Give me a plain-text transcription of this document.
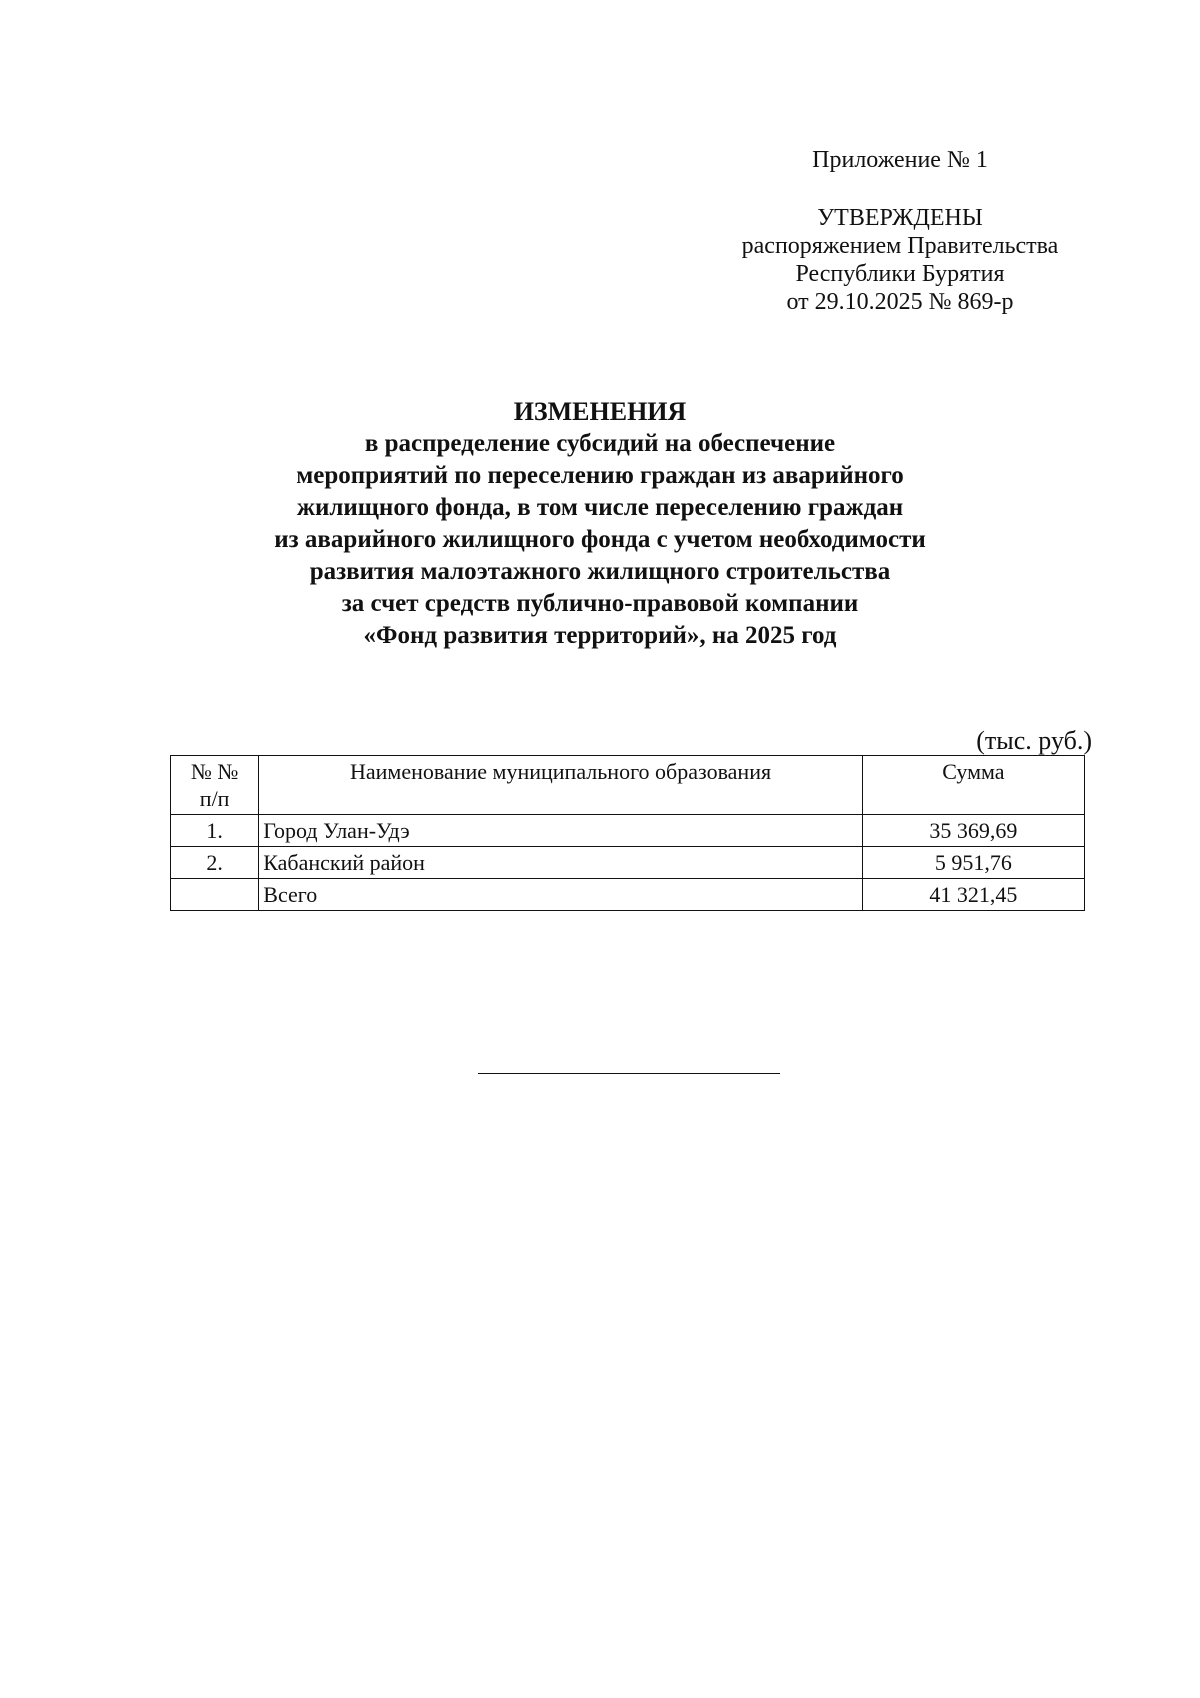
Приложение № 1
УТВЕРЖДЕНЫ
распоряжением Правительства
Республики Бурятия
от 29.10.2025 № 869-р
ИЗМЕНЕНИЯ
в распределение субсидий на обеспечение
мероприятий по переселению граждан из аварийного
жилищного фонда, в том числе переселению граждан
из аварийного жилищного фонда с учетом необходимости
развития малоэтажного жилищного строительства
за счет средств публично-правовой компании
«Фонд развития территорий», на 2025 год
(тыс. руб.)
№ №
п/п	Наименование муниципального образования	Сумма
1.	Город Улан-Удэ	35 369,69
2.	Кабанский район	5 951,76
	Всего	41 321,45
